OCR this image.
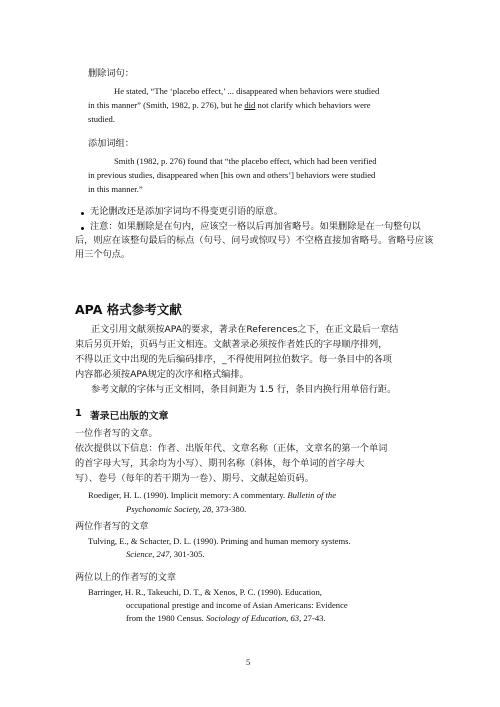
删除词句：

He stated, “The ‘placebo effect,’ ... disappeared when behaviors were studied

in this manner” (Smith, 1982, p. 276), but he did not clarify which behaviors were

studied.

添加词组：

Smith (1982, p. 276) found that “the placebo effect, which had been verified

in previous studies, disappeared when [his own and others’] behaviors were studied

in this manner.”

无论删改还是添加字词均不得变更引语的原意。

注意：如果删除是在句内，应该空一格以后再加省略号。如果删除是在一句整句以

后，则应在该整句最后的标点（句号、问号或惊叹号）不空格直接加省略号。省略号应该

用三个句点。

APA 格式参考文献

正文引用文献须按APA的要求，著录在References之下，在正文最后一章结

束后另页开始，页码与正文相连。文献著录必须按作者姓氏的字母顺序排列，

不得以正文中出现的先后编码排序，_不得使用阿拉伯数字。每一条目中的各项

内容都必须按APA规定的次序和格式编排。

参考文献的字体与正文相同，条目间距为 1.5 行，条目内换行用单倍行距。

1 著录已出版的文章

一位作者写的文章。

依次提供以下信息：作者、出版年代、文章名称（正体，文章名的第一个单词

的首字母大写，其余均为小写）、期刊名称（斜体，每个单词的首字母大

写）、卷号（每年的若干期为一卷）、期号、文献起始页码。

Roediger, H. L. (1990). Implicit memory: A commentary. Bulletin of the

Psychonomic Society, 28, 373-380.

两位作者写的文章

Tulving, E., & Schacter, D. L. (1990). Priming and human memory systems.

Science, 247, 301-305.

两位以上的作者写的文章

Barringer, H. R., Takeuchi, D. T., & Xenos, P. C. (1990). Education,

occupational prestige and income of Asian Americans: Evidence

from the 1980 Census. Sociology of Education, 63, 27-43.

5
